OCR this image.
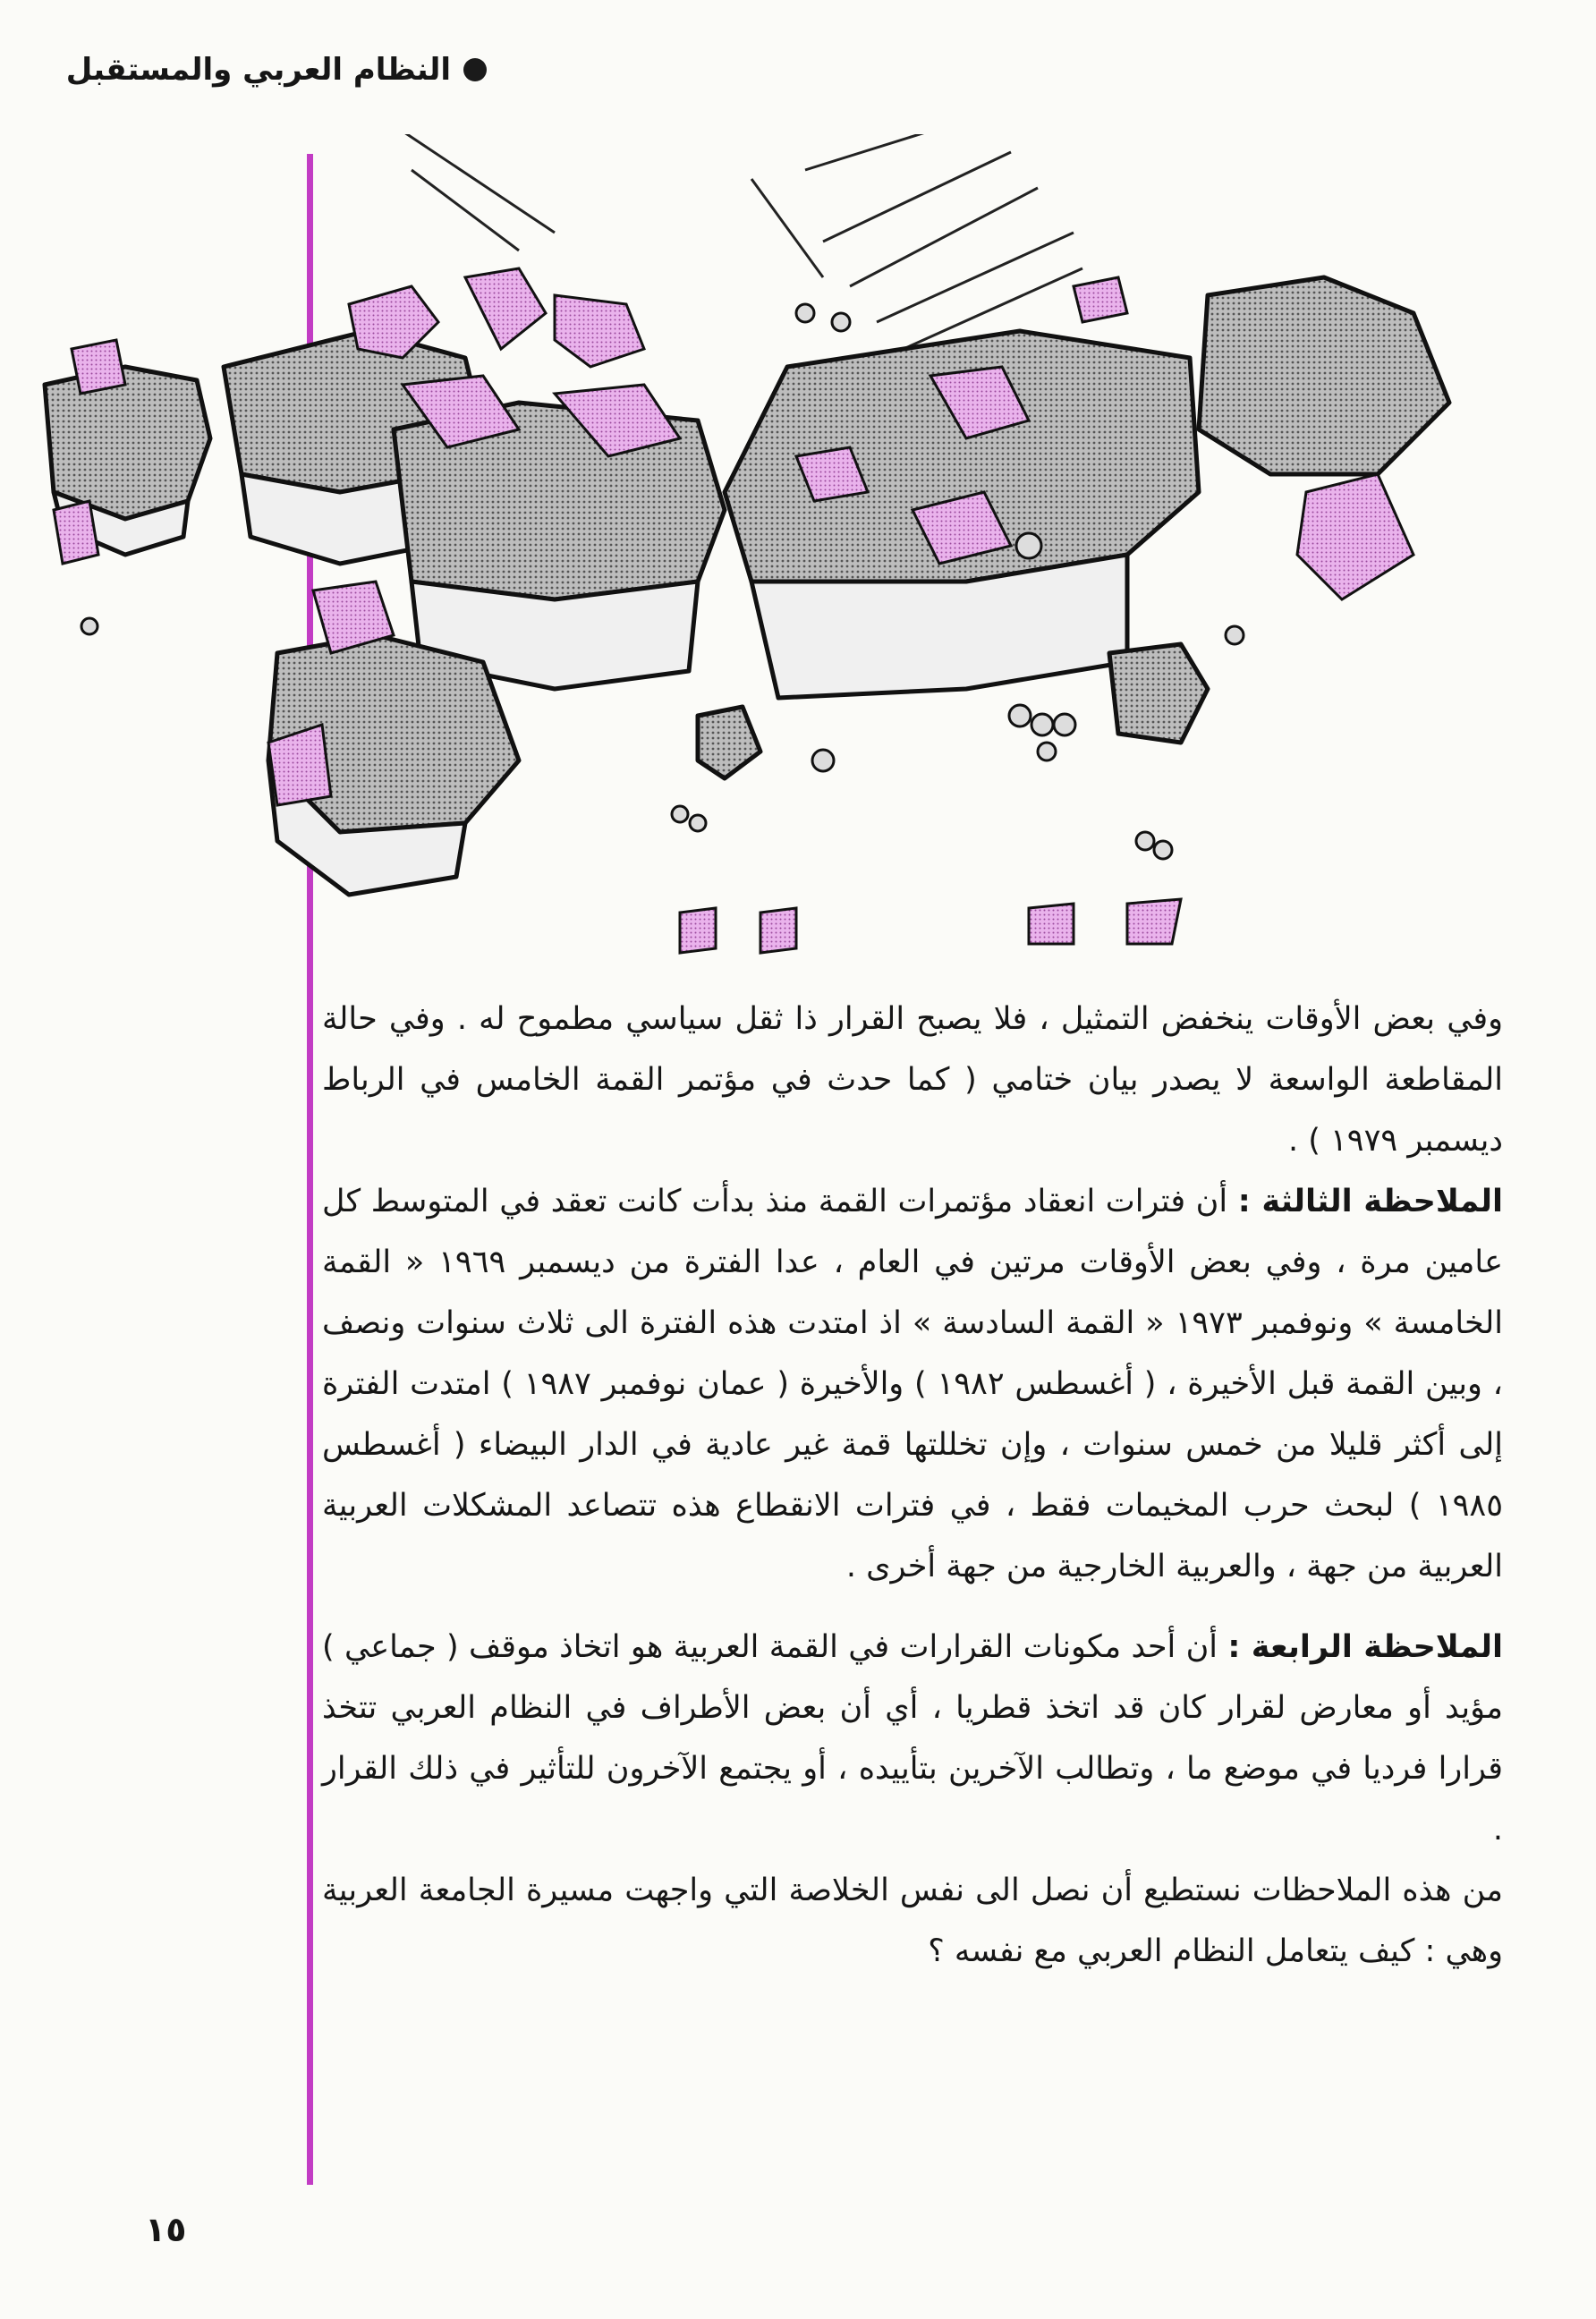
النظام العربي والمستقبل

وفي بعض الأوقات ينخفض التمثيل ، فلا يصبح القرار ذا ثقل سياسي مطموح له . وفي حالة المقاطعة الواسعة لا يصدر بيان ختامي ( كما حدث في مؤتمر القمة الخامس في الرباط ديسمبر ١٩٧٩ ) .

الملاحظة الثالثة : أن فترات انعقاد مؤتمرات القمة منذ بدأت كانت تعقد في المتوسط كل عامين مرة ، وفي بعض الأوقات مرتين في العام ، عدا الفترة من ديسمبر ١٩٦٩ « القمة الخامسة » ونوفمبر ١٩٧٣ « القمة السادسة » اذ امتدت هذه الفترة الى ثلاث سنوات ونصف ، وبين القمة قبل الأخيرة ، ( أغسطس ١٩٨٢ ) والأخيرة ( عمان نوفمبر ١٩٨٧ ) امتدت الفترة إلى أكثر قليلا من خمس سنوات ، وإن تخللتها قمة غير عادية في الدار البيضاء ( أغسطس ١٩٨٥ ) لبحث حرب المخيمات فقط ، في فترات الانقطاع هذه تتصاعد المشكلات العربية العربية من جهة ، والعربية الخارجية من جهة أخرى .

الملاحظة الرابعة : أن أحد مكونات القرارات في القمة العربية هو اتخاذ موقف ( جماعي ) مؤيد أو معارض لقرار كان قد اتخذ قطريا ، أي أن بعض الأطراف في النظام العربي تتخذ قرارا فرديا في موضع ما ، وتطالب الآخرين بتأييده ، أو يجتمع الآخرون للتأثير في ذلك القرار .

من هذه الملاحظات نستطيع أن نصل الى نفس الخلاصة التي واجهت مسيرة الجامعة العربية وهي : كيف يتعامل النظام العربي مع نفسه ؟

١٥
